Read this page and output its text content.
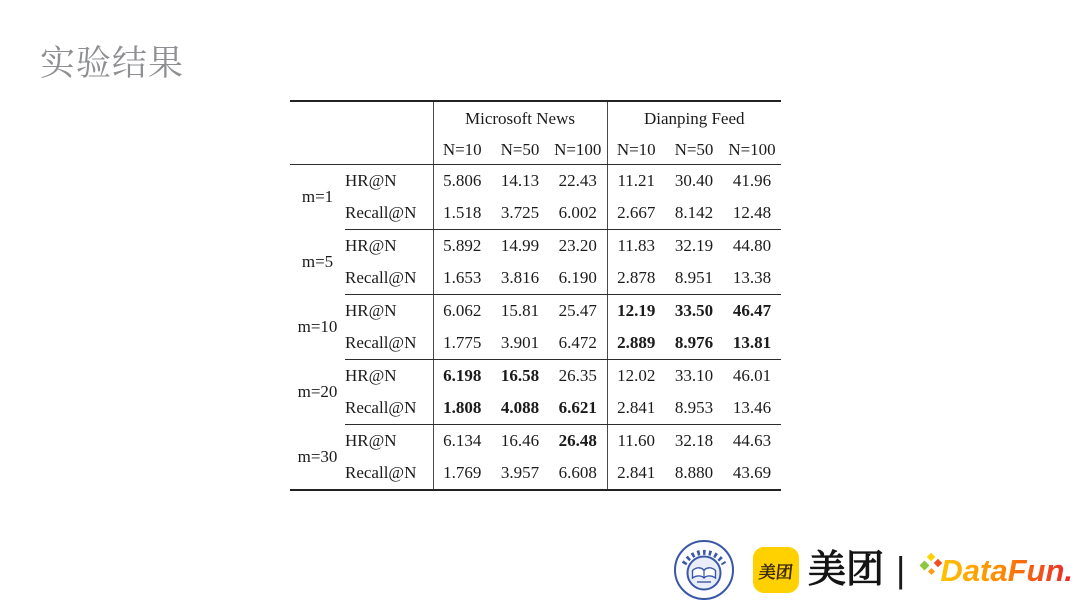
实验结果
		Microsoft News			Dianping Feed		
		N=10	N=50	N=100	N=10	N=50	N=100
m=1	HR@N	5.806	14.13	22.43	11.21	30.40	41.96
	Recall@N	1.518	3.725	6.002	2.667	8.142	12.48
m=5	HR@N	5.892	14.99	23.20	11.83	32.19	44.80
	Recall@N	1.653	3.816	6.190	2.878	8.951	13.38
m=10	HR@N	6.062	15.81	25.47	12.19	33.50	46.47
	Recall@N	1.775	3.901	6.472	2.889	8.976	13.81
m=20	HR@N	6.198	16.58	26.35	12.02	33.10	46.01
	Recall@N	1.808	4.088	6.621	2.841	8.953	13.46
m=30	HR@N	6.134	16.46	26.48	11.60	32.18	44.63
	Recall@N	1.769	3.957	6.608	2.841	8.880	43.69
美团 美团 | DataFun.
